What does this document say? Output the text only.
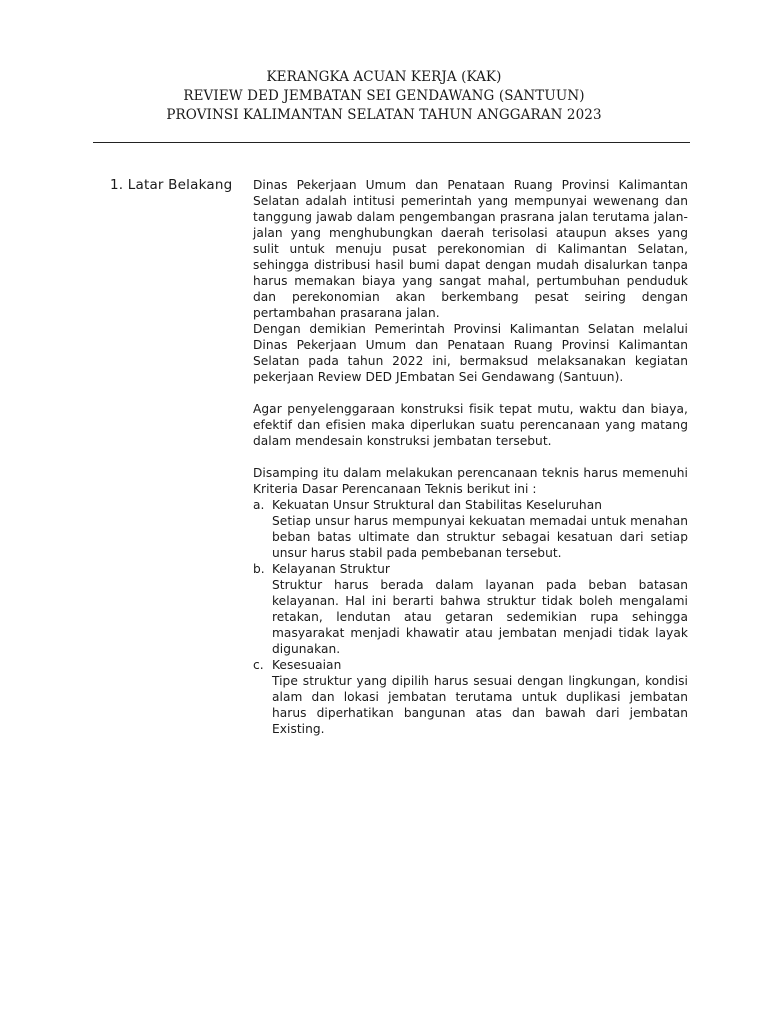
KERANGKA ACUAN KERJA (KAK)
REVIEW DED JEMBATAN SEI GENDAWANG (SANTUUN)
PROVINSI KALIMANTAN SELATAN TAHUN ANGGARAN 2023
1. Latar Belakang Dinas Pekerjaan Umum dan Penataan Ruang Provinsi Kalimantan Selatan adalah intitusi pemerintah yang mempunyai wewenang dan tanggung jawab dalam pengembangan prasrana jalan terutama jalan-jalan yang menghubungkan daerah terisolasi ataupun akses yang sulit untuk menuju pusat perekonomian di Kalimantan Selatan, sehingga distribusi hasil bumi dapat dengan mudah disalurkan tanpa harus memakan biaya yang sangat mahal, pertumbuhan penduduk dan perekonomian akan berkembang pesat seiring dengan pertambahan prasarana jalan.

Dengan demikian Pemerintah Provinsi Kalimantan Selatan melalui Dinas Pekerjaan Umum dan Penataan Ruang Provinsi Kalimantan Selatan pada tahun 2022 ini, bermaksud melaksanakan kegiatan pekerjaan Review DED JEmbatan Sei Gendawang (Santuun).

Agar penyelenggaraan konstruksi fisik tepat mutu, waktu dan biaya, efektif dan efisien maka diperlukan suatu perencanaan yang matang dalam mendesain konstruksi jembatan tersebut.

Disamping itu dalam melakukan perencanaan teknis harus memenuhi Kriteria Dasar Perencanaan Teknis berikut ini :

a. Kekuatan Unsur Struktural dan Stabilitas Keseluruhan
Setiap unsur harus mempunyai kekuatan memadai untuk menahan beban batas ultimate dan struktur sebagai kesatuan dari setiap unsur harus stabil pada pembebanan tersebut.
b. Kelayanan Struktur
Struktur harus berada dalam layanan pada beban batasan kelayanan. Hal ini berarti bahwa struktur tidak boleh mengalami retakan, lendutan atau getaran sedemikian rupa sehingga masyarakat menjadi khawatir atau jembatan menjadi tidak layak digunakan.
c. Kesesuaian
Tipe struktur yang dipilih harus sesuai dengan lingkungan, kondisi alam dan lokasi jembatan terutama untuk duplikasi jembatan harus diperhatikan bangunan atas dan bawah dari jembatan Existing.
